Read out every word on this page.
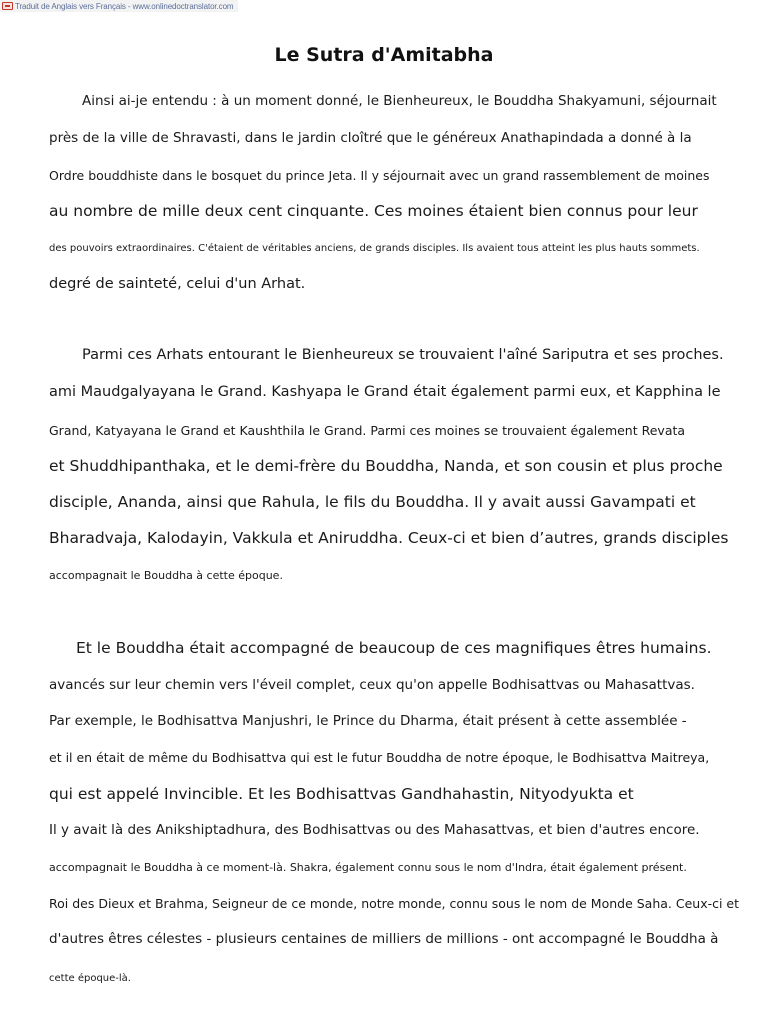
Traduit de Anglais vers Français - www.onlinedoctranslator.com
Le Sutra d'Amitabha
Ainsi ai-je entendu : à un moment donné, le Bienheureux, le Bouddha Shakyamuni, séjournait
près de la ville de Shravasti, dans le jardin cloîtré que le généreux Anathapindada a donné à la
Ordre bouddhiste dans le bosquet du prince Jeta. Il y séjournait avec un grand rassemblement de moines
au nombre de mille deux cent cinquante. Ces moines étaient bien connus pour leur
des pouvoirs extraordinaires. C'étaient de véritables anciens, de grands disciples. Ils avaient tous atteint les plus hauts sommets.
degré de sainteté, celui d'un Arhat.
Parmi ces Arhats entourant le Bienheureux se trouvaient l'aîné Sariputra et ses proches.
ami Maudgalyayana le Grand. Kashyapa le Grand était également parmi eux, et Kapphina le
Grand, Katyayana le Grand et Kaushthila le Grand. Parmi ces moines se trouvaient également Revata
et Shuddhipanthaka, et le demi-frère du Bouddha, Nanda, et son cousin et plus proche
disciple, Ananda, ainsi que Rahula, le fils du Bouddha. Il y avait aussi Gavampati et
Bharadvaja, Kalodayin, Vakkula et Aniruddha. Ceux-ci et bien d’autres, grands disciples
accompagnait le Bouddha à cette époque.
Et le Bouddha était accompagné de beaucoup de ces magnifiques êtres humains.
avancés sur leur chemin vers l'éveil complet, ceux qu'on appelle Bodhisattvas ou Mahasattvas.
Par exemple, le Bodhisattva Manjushri, le Prince du Dharma, était présent à cette assemblée -
et il en était de même du Bodhisattva qui est le futur Bouddha de notre époque, le Bodhisattva Maitreya,
qui est appelé Invincible. Et les Bodhisattvas Gandhahastin, Nityodyukta et
Il y avait là des Anikshiptadhura, des Bodhisattvas ou des Mahasattvas, et bien d'autres encore.
accompagnait le Bouddha à ce moment-là. Shakra, également connu sous le nom d'Indra, était également présent.
Roi des Dieux et Brahma, Seigneur de ce monde, notre monde, connu sous le nom de Monde Saha. Ceux-ci et
d'autres êtres célestes - plusieurs centaines de milliers de millions - ont accompagné le Bouddha à
cette époque-là.
